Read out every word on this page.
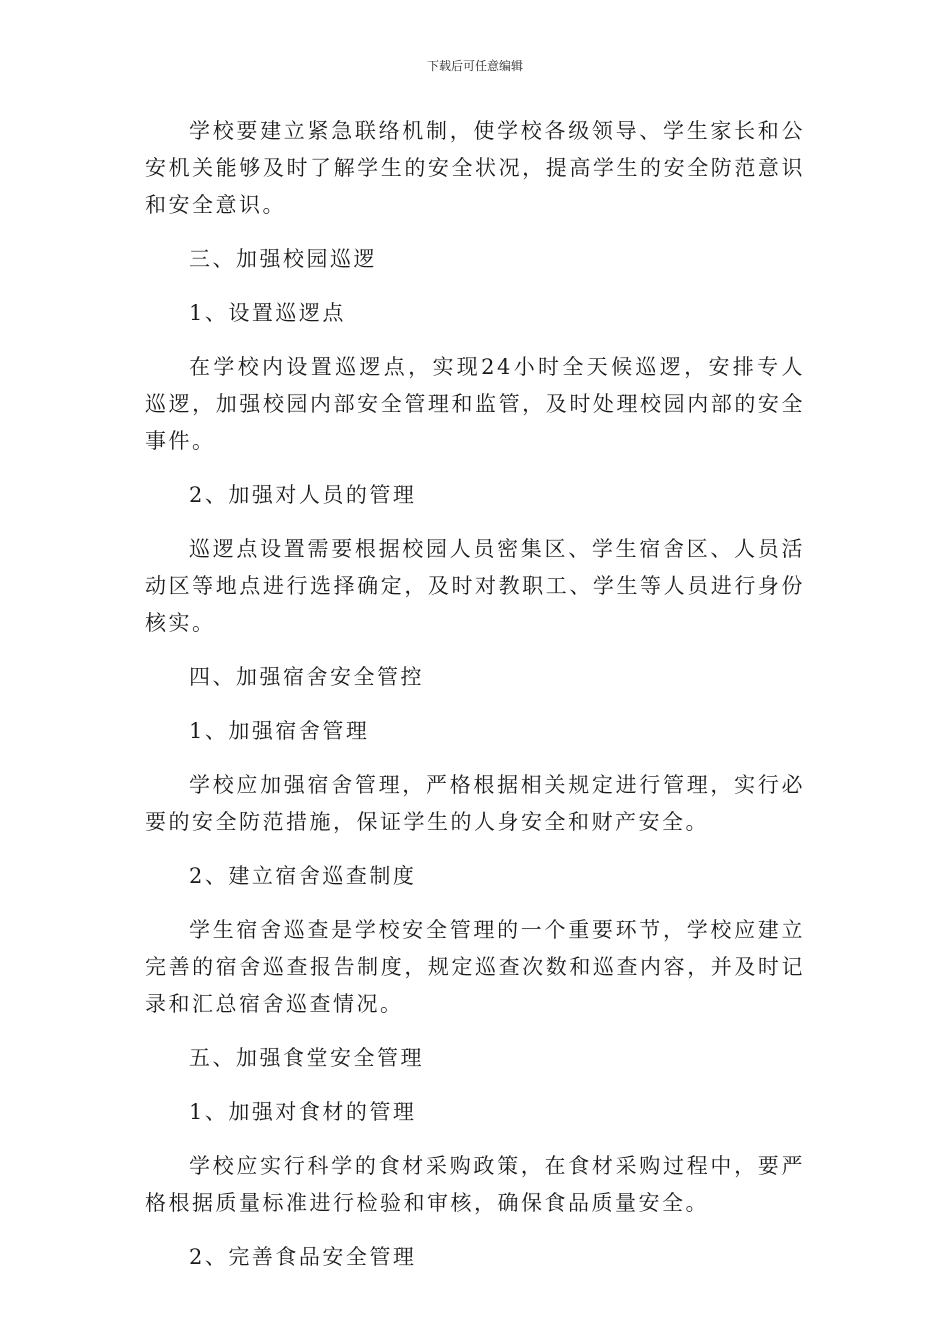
下载后可任意编辑

学校要建立紧急联络机制，使学校各级领导、学生家长和公安机关能够及时了解学生的安全状况，提高学生的安全防范意识和安全意识。

三、加强校园巡逻

1、设置巡逻点

在学校内设置巡逻点，实现24小时全天候巡逻，安排专人巡逻，加强校园内部安全管理和监管，及时处理校园内部的安全事件。

2、加强对人员的管理

巡逻点设置需要根据校园人员密集区、学生宿舍区、人员活动区等地点进行选择确定，及时对教职工、学生等人员进行身份核实。

四、加强宿舍安全管控

1、加强宿舍管理

学校应加强宿舍管理，严格根据相关规定进行管理，实行必要的安全防范措施，保证学生的人身安全和财产安全。

2、建立宿舍巡查制度

学生宿舍巡查是学校安全管理的一个重要环节，学校应建立完善的宿舍巡查报告制度，规定巡查次数和巡查内容，并及时记录和汇总宿舍巡查情况。

五、加强食堂安全管理

1、加强对食材的管理

学校应实行科学的食材采购政策，在食材采购过程中，要严格根据质量标准进行检验和审核，确保食品质量安全。

2、完善食品安全管理
